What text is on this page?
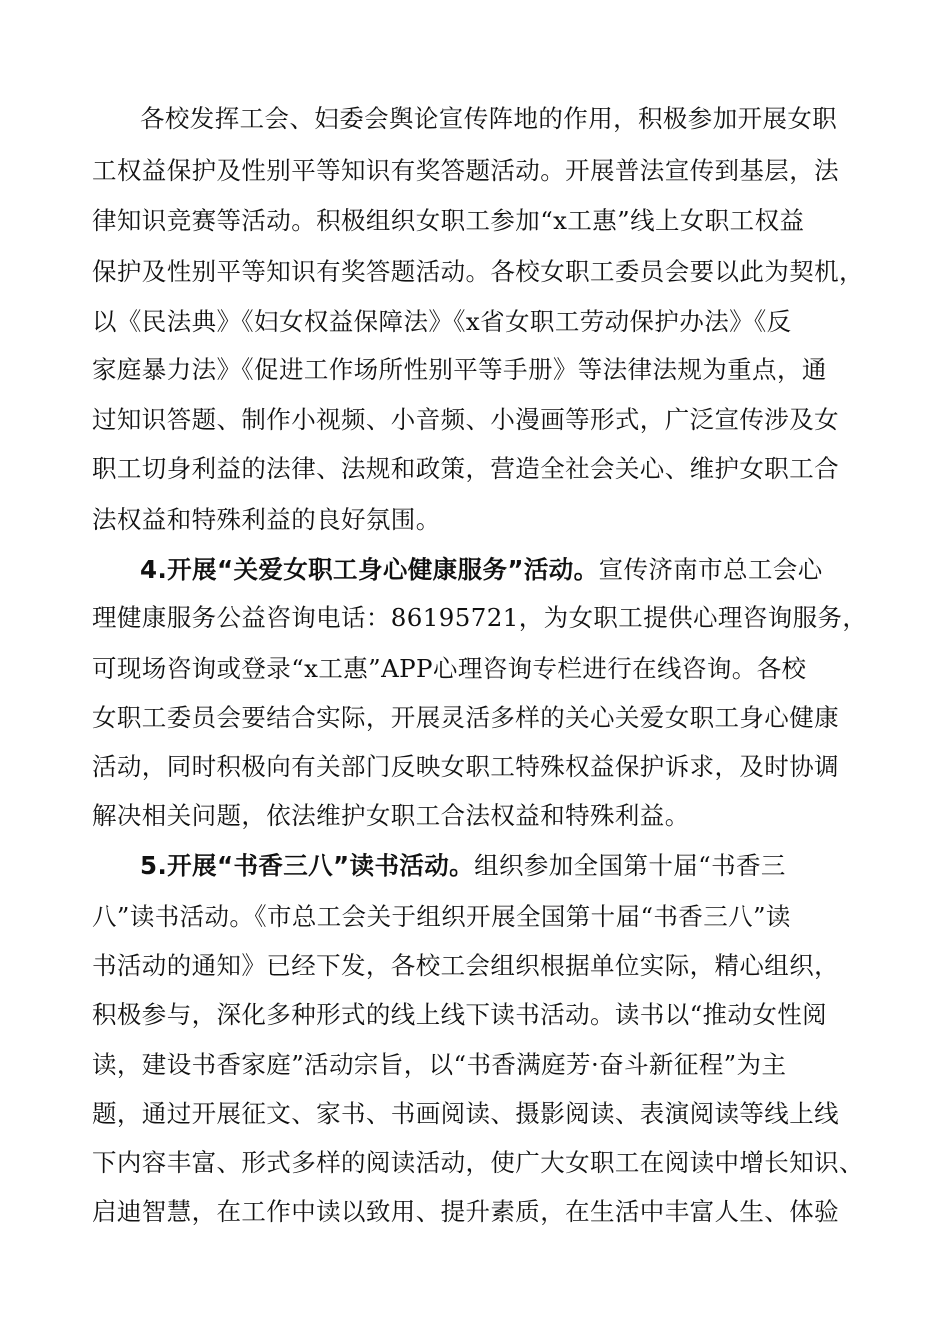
各校发挥工会、妇委会舆论宣传阵地的作用，积极参加开展女职
工权益保护及性别平等知识有奖答题活动。开展普法宣传到基层，法
律知识竞赛等活动。积极组织女职工参加“x工惠”线上女职工权益
保护及性别平等知识有奖答题活动。各校女职工委员会要以此为契机，
以《民法典》《妇女权益保障法》《x省女职工劳动保护办法》《反
家庭暴力法》《促进工作场所性别平等手册》等法律法规为重点，通
过知识答题、制作小视频、小音频、小漫画等形式，广泛宣传涉及女
职工切身利益的法律、法规和政策，营造全社会关心、维护女职工合
法权益和特殊利益的良好氛围。
4.开展“关爱女职工身心健康服务”活动。宣传济南市总工会心
理健康服务公益咨询电话：86195721，为女职工提供心理咨询服务，
可现场咨询或登录“x工惠”APP心理咨询专栏进行在线咨询。各校
女职工委员会要结合实际，开展灵活多样的关心关爱女职工身心健康
活动，同时积极向有关部门反映女职工特殊权益保护诉求，及时协调
解决相关问题，依法维护女职工合法权益和特殊利益。
5.开展“书香三八”读书活动。组织参加全国第十届“书香三
八”读书活动。《市总工会关于组织开展全国第十届“书香三八”读
书活动的通知》已经下发，各校工会组织根据单位实际，精心组织，
积极参与，深化多种形式的线上线下读书活动。读书以“推动女性阅
读，建设书香家庭”活动宗旨，以“书香满庭芳·奋斗新征程”为主
题，通过开展征文、家书、书画阅读、摄影阅读、表演阅读等线上线
下内容丰富、形式多样的阅读活动，使广大女职工在阅读中增长知识、
启迪智慧，在工作中读以致用、提升素质，在生活中丰富人生、体验
